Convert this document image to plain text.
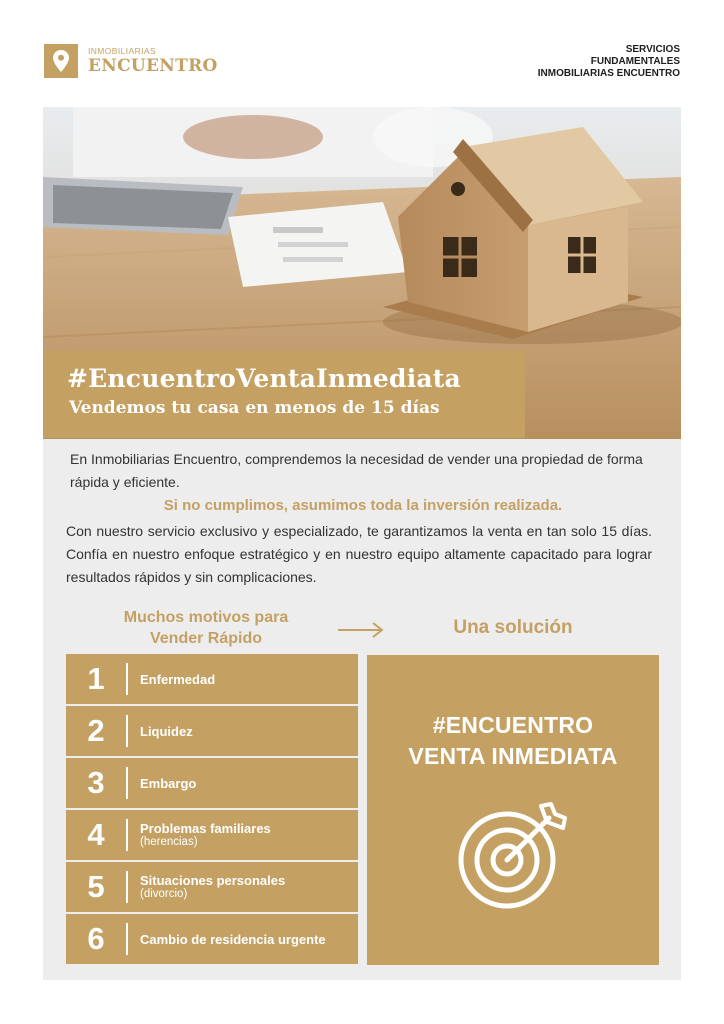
INMOBILIARIAS
ENCUENTRO
SERVICIOS
FUNDAMENTALES
INMOBILIARIAS ENCUENTRO
#EncuentroVentaInmediata
Vendemos tu casa en menos de 15 días

En Inmobiliarias Encuentro, comprendemos la necesidad de vender una propiedad de forma rápida y eficiente.

Si no cumplimos, asumimos toda la inversión realizada.

Con nuestro servicio exclusivo y especializado, te garantizamos la venta en tan solo 15 días. Confía en nuestro enfoque estratégico y en nuestro equipo altamente capacitado para lograr resultados rápidos y sin complicaciones.

Muchos motivos para
Vender Rápido
Una solución
1	Enfermedad
2	Liquidez
3	Embargo
4	Problemas familiares
(herencias)
5	Situaciones personales
(divorcio)
6	Cambio de residencia urgente
#ENCUENTRO
VENTA INMEDIATA
